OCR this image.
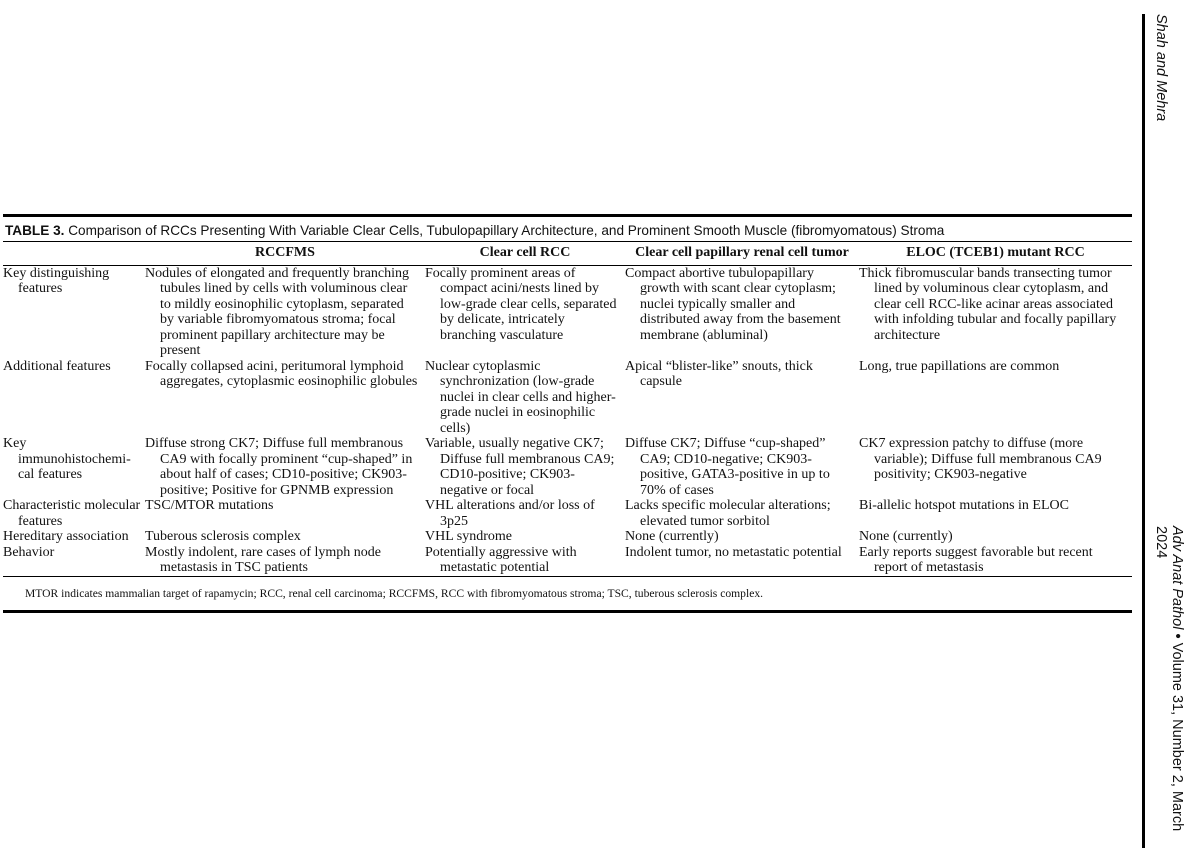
Shah and Mehra
Adv Anat Pathol • Volume 31, Number 2, March 2024
TABLE 3. Comparison of RCCs Presenting With Variable Clear Cells, Tubulopapillary Architecture, and Prominent Smooth Muscle (fibromyomatous) Stroma
	RCCFMS	Clear cell RCC	Clear cell papillary renal cell tumor	ELOC (TCEB1) mutant RCC

Key distinguishing features	Nodules of elongated and frequently branching tubules lined by cells with voluminous clear to mildly eosinophilic cytoplasm, separated by variable fibromyomatous stroma; focal prominent papillary architecture may be present	Focally prominent areas of compact acini/nests lined by low-grade clear cells, separated by delicate, intricately branching vasculature	Compact abortive tubulopapillary growth with scant clear cytoplasm; nuclei typically smaller and distributed away from the basement membrane (abluminal)	Thick fibromuscular bands transecting tumor lined by voluminous clear cytoplasm, and clear cell RCC-like acinar areas associated with infolding tubular and focally papillary architecture

Additional features	Focally collapsed acini, peritumoral lymphoid aggregates, cytoplasmic eosinophilic globules	Nuclear cytoplasmic synchronization (low-grade nuclei in clear cells and higher-grade nuclei in eosinophilic cells)	Apical “blister-like” snouts, thick capsule	Long, true papillations are common

Key immunohistochemi-cal features	Diffuse strong CK7; Diffuse full membranous CA9 with focally prominent “cup-shaped” in about half of cases; CD10-positive; CK903-positive; Positive for GPNMB expression	Variable, usually negative CK7; Diffuse full membranous CA9; CD10-positive; CK903-negative or focal	Diffuse CK7; Diffuse “cup-shaped” CA9; CD10-negative; CK903-positive, GATA3-positive in up to 70% of cases	CK7 expression patchy to diffuse (more variable); Diffuse full membranous CA9 positivity; CK903-negative

Characteristic molecular features	TSC/MTOR mutations	VHL alterations and/or loss of 3p25	Lacks specific molecular alterations; elevated tumor sorbitol	Bi-allelic hotspot mutations in ELOC

Hereditary association	Tuberous sclerosis complex	VHL syndrome	None (currently)	None (currently)

Behavior	Mostly indolent, rare cases of lymph node metastasis in TSC patients	Potentially aggressive with metastatic potential	Indolent tumor, no metastatic potential	Early reports suggest favorable but recent report of metastasis
MTOR indicates mammalian target of rapamycin; RCC, renal cell carcinoma; RCCFMS, RCC with fibromyomatous stroma; TSC, tuberous sclerosis complex.
